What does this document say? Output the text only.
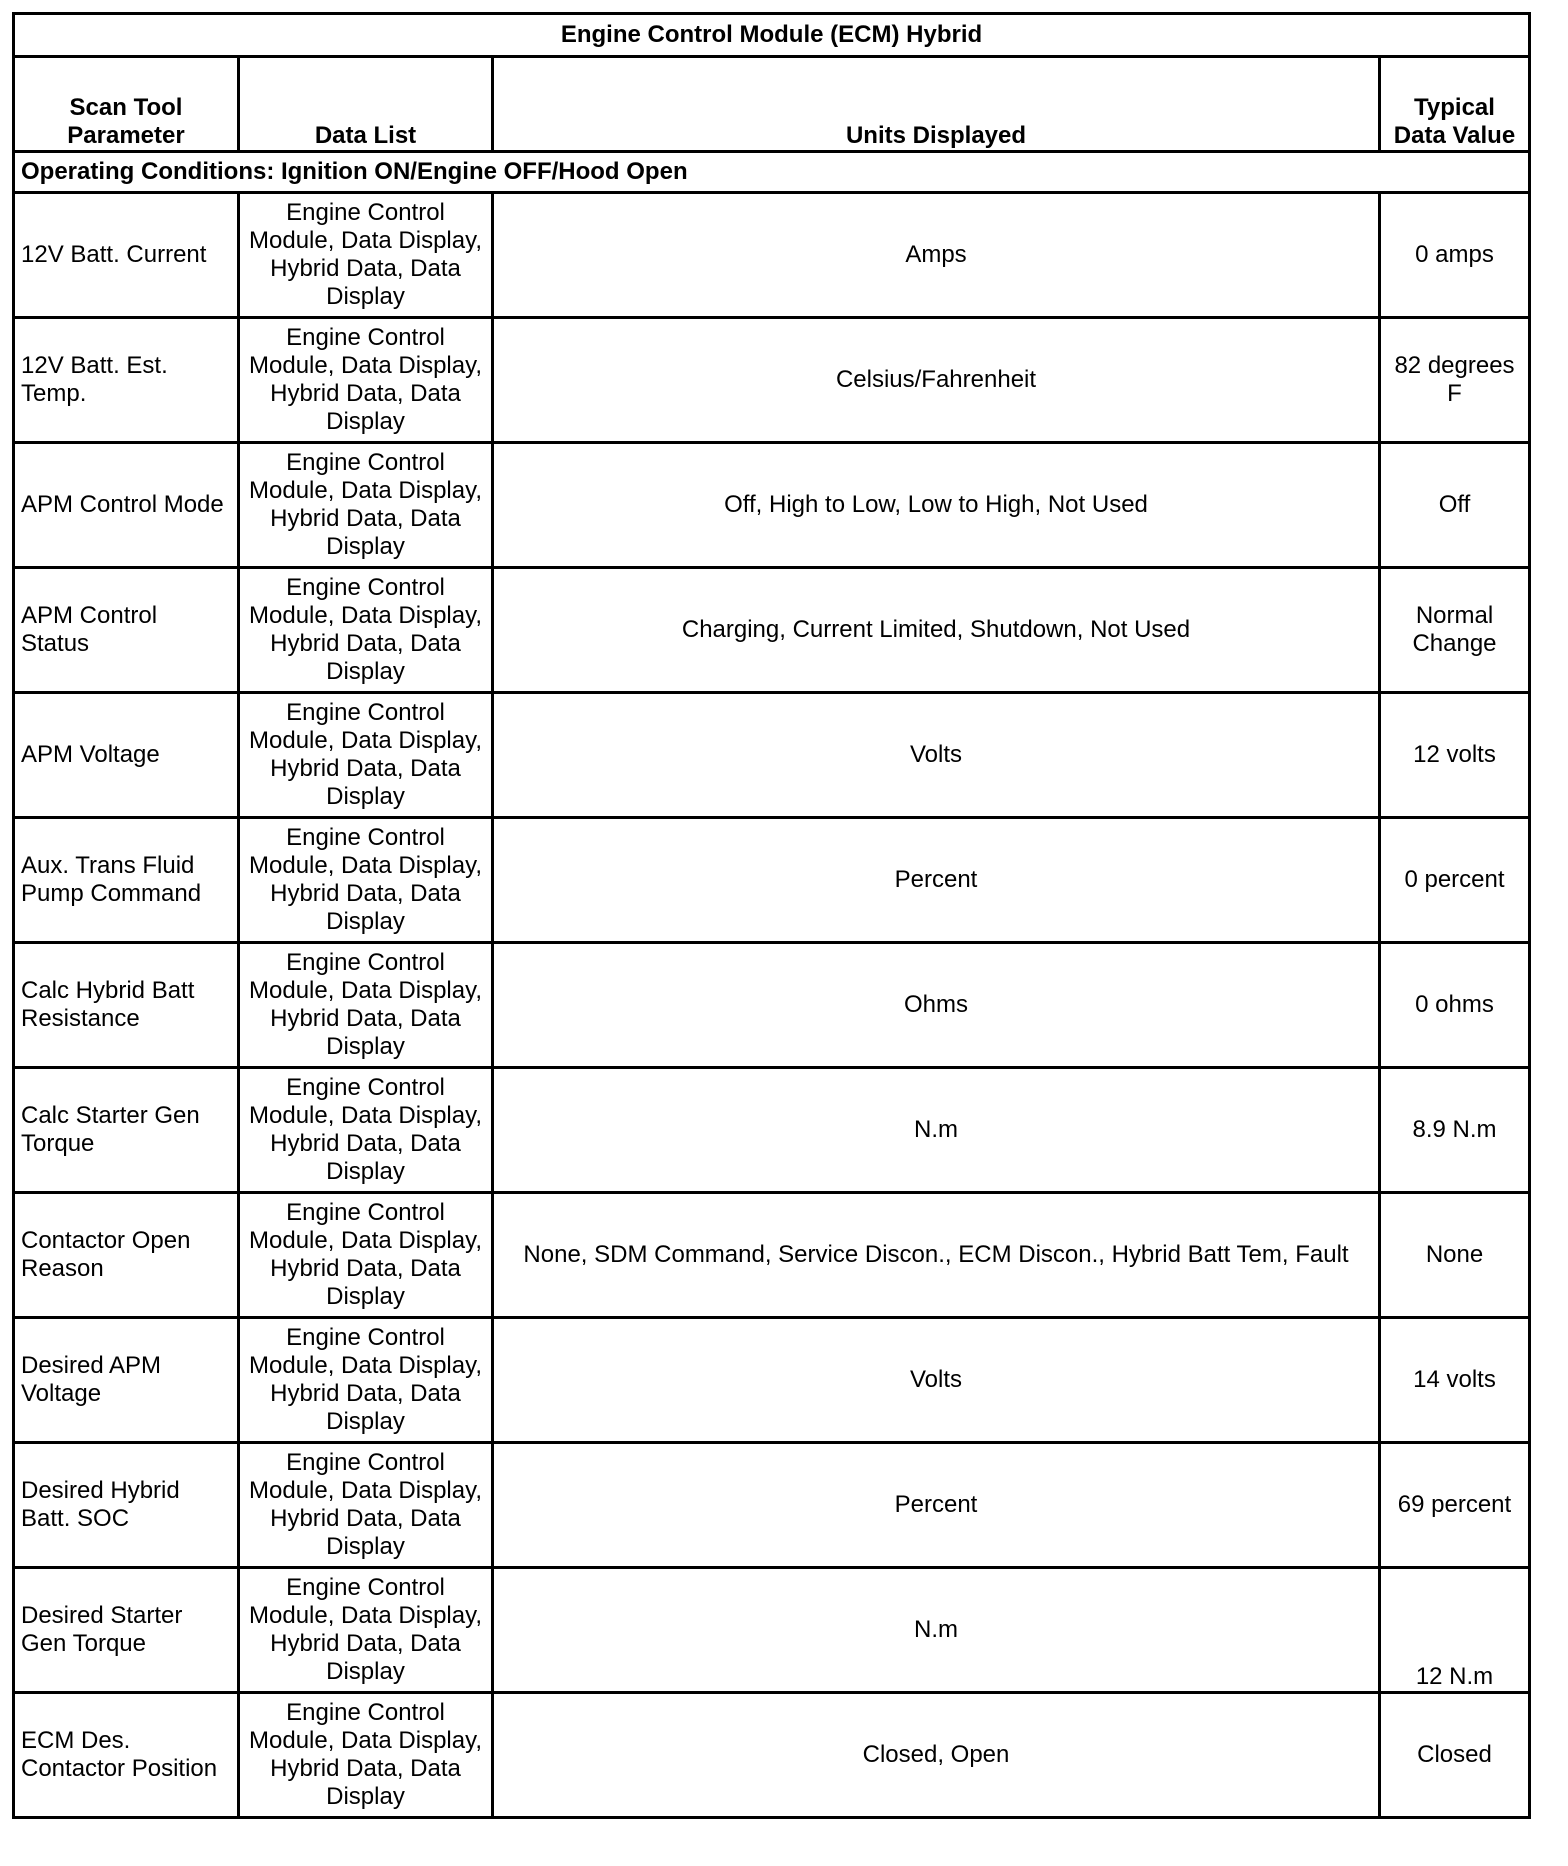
Engine Control Module (ECM) Hybrid			
Scan Tool Parameter	Data List	Units Displayed	Typical Data Value
Operating Conditions: Ignition ON/Engine OFF/Hood Open			
12V Batt. Current	Engine Control Module, Data Display, Hybrid Data, Data Display	Amps	0 amps
12V Batt. Est. Temp.	Engine Control Module, Data Display, Hybrid Data, Data Display	Celsius/Fahrenheit	82 degrees F
APM Control Mode	Engine Control Module, Data Display, Hybrid Data, Data Display	Off, High to Low, Low to High, Not Used	Off
APM Control Status	Engine Control Module, Data Display, Hybrid Data, Data Display	Charging, Current Limited, Shutdown, Not Used	Normal Change
APM Voltage	Engine Control Module, Data Display, Hybrid Data, Data Display	Volts	12 volts
Aux. Trans Fluid Pump Command	Engine Control Module, Data Display, Hybrid Data, Data Display	Percent	0 percent
Calc Hybrid Batt Resistance	Engine Control Module, Data Display, Hybrid Data, Data Display	Ohms	0 ohms
Calc Starter Gen Torque	Engine Control Module, Data Display, Hybrid Data, Data Display	N.m	8.9 N.m
Contactor Open Reason	Engine Control Module, Data Display, Hybrid Data, Data Display	None, SDM Command, Service Discon., ECM Discon., Hybrid Batt Tem, Fault	None
Desired APM Voltage	Engine Control Module, Data Display, Hybrid Data, Data Display	Volts	14 volts
Desired Hybrid Batt. SOC	Engine Control Module, Data Display, Hybrid Data, Data Display	Percent	69 percent
Desired Starter Gen Torque	Engine Control Module, Data Display, Hybrid Data, Data Display	N.m	12 N.m
ECM Des. Contactor Position	Engine Control Module, Data Display, Hybrid Data, Data Display	Closed, Open	Closed
